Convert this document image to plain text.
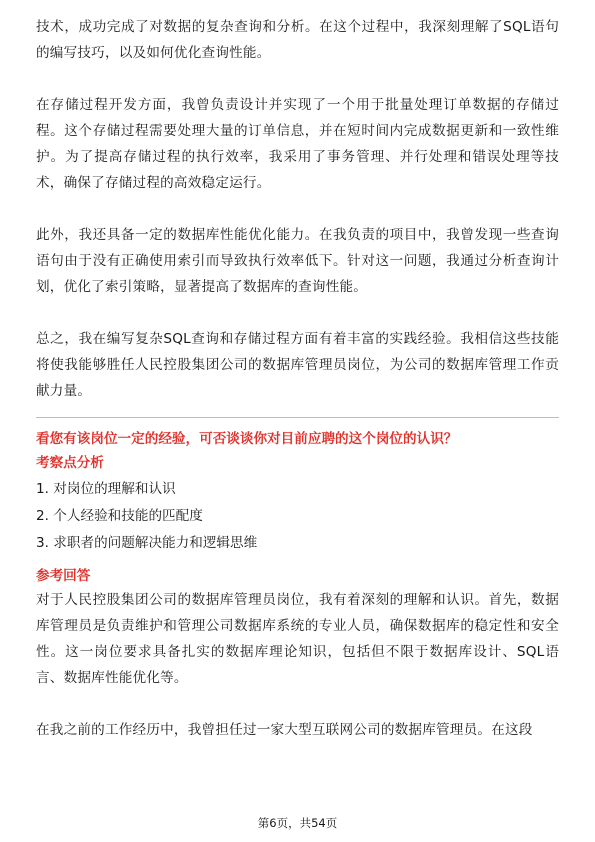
技术，成功完成了对数据的复杂查询和分析。在这个过程中，我深刻理解了SQL语句的编写技巧，以及如何优化查询性能。

在存储过程开发方面，我曾负责设计并实现了一个用于批量处理订单数据的存储过程。这个存储过程需要处理大量的订单信息，并在短时间内完成数据更新和一致性维护。为了提高存储过程的执行效率，我采用了事务管理、并行处理和错误处理等技术，确保了存储过程的高效稳定运行。

此外，我还具备一定的数据库性能优化能力。在我负责的项目中，我曾发现一些查询语句由于没有正确使用索引而导致执行效率低下。针对这一问题，我通过分析查询计划，优化了索引策略，显著提高了数据库的查询性能。

总之，我在编写复杂SQL查询和存储过程方面有着丰富的实践经验。我相信这些技能将使我能够胜任人民控股集团公司的数据库管理员岗位，为公司的数据库管理工作贡献力量。

看您有该岗位一定的经验，可否谈谈你对目前应聘的这个岗位的认识？

考察点分析

1. 对岗位的理解和认识

2. 个人经验和技能的匹配度

3. 求职者的问题解决能力和逻辑思维

参考回答

对于人民控股集团公司的数据库管理员岗位，我有着深刻的理解和认识。首先，数据库管理员是负责维护和管理公司数据库系统的专业人员，确保数据库的稳定性和安全性。这一岗位要求具备扎实的数据库理论知识，包括但不限于数据库设计、SQL语言、数据库性能优化等。

在我之前的工作经历中，我曾担任过一家大型互联网公司的数据库管理员。在这段

第6页，共54页
